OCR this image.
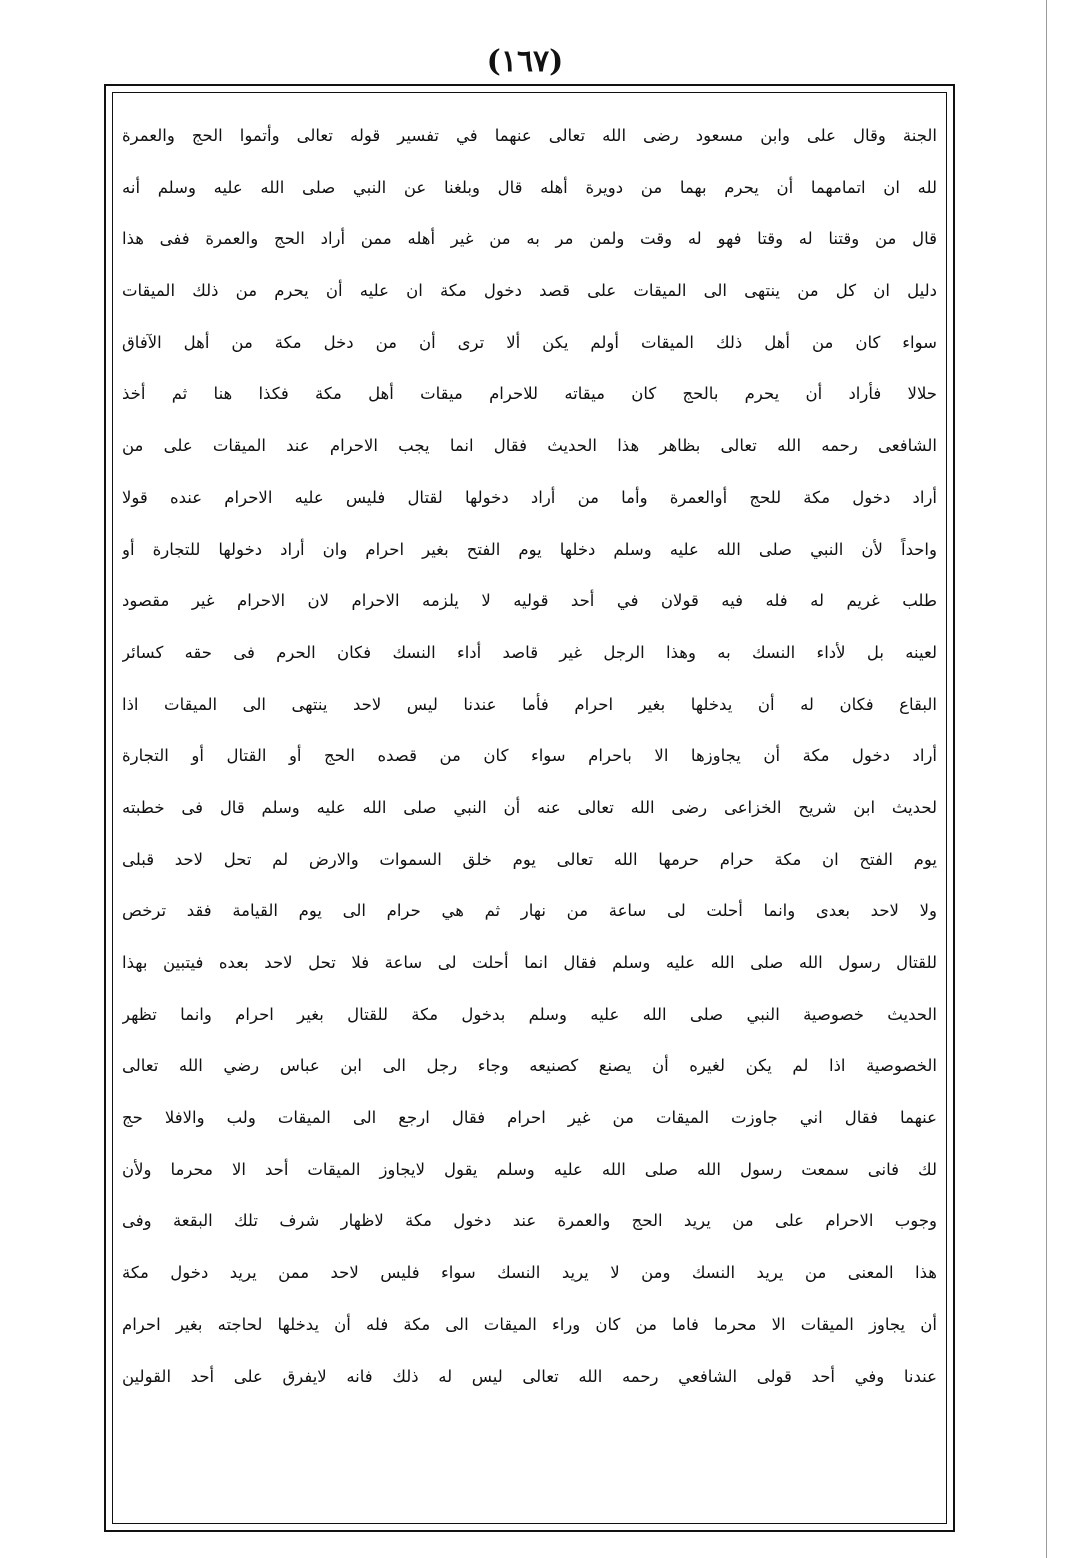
(١٦٧)
الجنة وقال على وابن مسعود رضى الله تعالى عنهما في تفسير قوله تعالى وأتموا الحج والعمرة
لله ان اتمامهما أن يحرم بهما من دويرة أهله قال وبلغنا عن النبي صلى الله عليه وسلم أنه
قال من وقتنا له وقتا فهو له وقت ولمن مر به من غير أهله ممن أراد الحج والعمرة ففى هذا
دليل ان كل من ينتهى الى الميقات على قصد دخول مكة ان عليه أن يحرم من ذلك الميقات
سواء كان من أهل ذلك الميقات أولم يكن ألا ترى أن من دخل مكة من أهل الآفاق
حلالا فأراد أن يحرم بالحج كان ميقاته للاحرام ميقات أهل مكة فكذا هنا ثم أخذ
الشافعى رحمه الله تعالى بظاهر هذا الحديث فقال انما يجب الاحرام عند الميقات على من
أراد دخول مكة للحج أوالعمرة وأما من أراد دخولها لقتال فليس عليه الاحرام عنده قولا
واحداً لأن النبي صلى الله عليه وسلم دخلها يوم الفتح بغير احرام وان أراد دخولها للتجارة أو
طلب غريم له فله فيه قولان في أحد قوليه لا يلزمه الاحرام لان الاحرام غير مقصود
لعينه بل لأداء النسك به وهذا الرجل غير قاصد أداء النسك فكان الحرم فى حقه كسائر
البقاع فكان له أن يدخلها بغير احرام فأما عندنا ليس لاحد ينتهى الى الميقات اذا
أراد دخول مكة أن يجاوزها الا باحرام سواء كان من قصده الحج أو القتال أو التجارة
لحديث ابن شريح الخزاعى رضى الله تعالى عنه أن النبي صلى الله عليه وسلم قال فى خطبته
يوم الفتح ان مكة حرام حرمها الله تعالى يوم خلق السموات والارض لم تحل لاحد قبلى
ولا لاحد بعدى وانما أحلت لى ساعة من نهار ثم هي حرام الى يوم القيامة فقد ترخص
للقتال رسول الله صلى الله عليه وسلم فقال انما أحلت لى ساعة فلا تحل لاحد بعده فيتبين بهذا
الحديث خصوصية النبي صلى الله عليه وسلم بدخول مكة للقتال بغير احرام وانما تظهر
الخصوصية اذا لم يكن لغيره أن يصنع كصنيعه وجاء رجل الى ابن عباس رضي الله تعالى
عنهما فقال اني جاوزت الميقات من غير احرام فقال ارجع الى الميقات ولب والافلا حج
لك فانى سمعت رسول الله صلى الله عليه وسلم يقول لايجاوز الميقات أحد الا محرما ولأن
وجوب الاحرام على من يريد الحج والعمرة عند دخول مكة لاظهار شرف تلك البقعة وفى
هذا المعنى من يريد النسك ومن لا يريد النسك سواء فليس لاحد ممن يريد دخول مكة
أن يجاوز الميقات الا محرما فاما من كان وراء الميقات الى مكة فله أن يدخلها لحاجته بغير احرام
عندنا وفي أحد قولى الشافعي رحمه الله تعالى ليس له ذلك فانه لايفرق على أحد القولين
